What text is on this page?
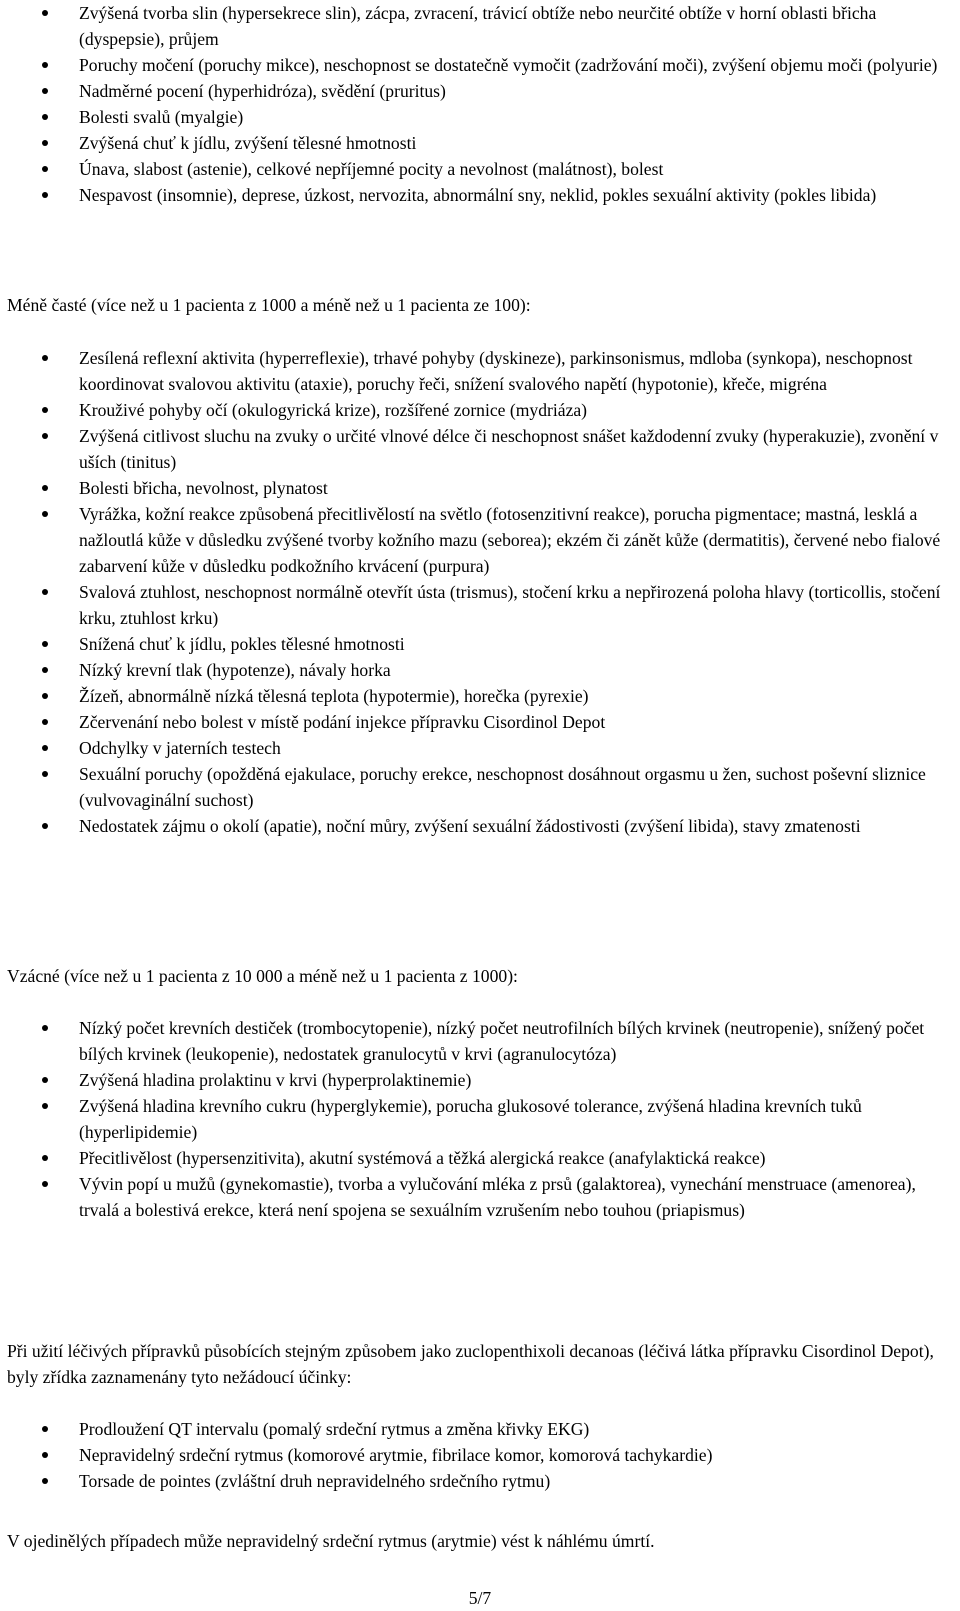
Zvýšená tvorba slin (hypersekrece slin), zácpa, zvracení, trávicí obtíže nebo neurčité obtíže v horní oblasti břicha (dyspepsie), průjem
Poruchy močení (poruchy mikce), neschopnost se dostatečně vymočit (zadržování moči), zvýšení objemu moči (polyurie)
Nadměrné pocení (hyperhidróza), svědění (pruritus)
Bolesti svalů (myalgie)
Zvýšená chuť k jídlu, zvýšení tělesné hmotnosti
Únava, slabost (astenie), celkové nepříjemné pocity a nevolnost (malátnost), bolest
Nespavost (insomnie), deprese, úzkost, nervozita, abnormální sny, neklid, pokles sexuální aktivity (pokles libida)

Méně časté (více než u 1 pacienta z 1000 a méně než u 1 pacienta ze 100):

Zesílená reflexní aktivita (hyperreflexie), trhavé pohyby (dyskineze), parkinsonismus, mdloba (synkopa), neschopnost koordinovat svalovou aktivitu (ataxie), poruchy řeči, snížení svalového napětí (hypotonie), křeče, migréna
Krouživé pohyby očí (okulogyrická krize), rozšířené zornice (mydriáza)
Zvýšená citlivost sluchu na zvuky o určité vlnové délce či neschopnost snášet každodenní zvuky (hyperakuzie), zvonění v uších (tinitus)
Bolesti břicha, nevolnost, plynatost
Vyrážka, kožní reakce způsobená přecitlivělostí na světlo (fotosenzitivní reakce), porucha pigmentace; mastná, lesklá a nažloutlá kůže v důsledku zvýšené tvorby kožního mazu (seborea); ekzém či zánět kůže (dermatitis), červené nebo fialové zabarvení kůže v důsledku podkožního krvácení (purpura)
Svalová ztuhlost, neschopnost normálně otevřít ústa (trismus), stočení krku a nepřirozená poloha hlavy (torticollis, stočení krku, ztuhlost krku)
Snížená chuť k jídlu, pokles tělesné hmotnosti
Nízký krevní tlak (hypotenze), návaly horka
Žízeň, abnormálně nízká tělesná teplota (hypotermie), horečka (pyrexie)
Zčervenání nebo bolest v místě podání injekce přípravku Cisordinol Depot
Odchylky v jaterních testech
Sexuální poruchy (opožděná ejakulace, poruchy erekce, neschopnost dosáhnout orgasmu u žen, suchost poševní sliznice (vulvovaginální suchost)
Nedostatek zájmu o okolí (apatie), noční můry, zvýšení sexuální žádostivosti (zvýšení libida), stavy zmatenosti

Vzácné (více než u 1 pacienta z 10 000 a méně než u 1 pacienta z 1000):

Nízký počet krevních destiček (trombocytopenie), nízký počet neutrofilních bílých krvinek (neutropenie), snížený počet bílých krvinek (leukopenie), nedostatek granulocytů v krvi (agranulocytóza)
Zvýšená hladina prolaktinu v krvi (hyperprolaktinemie)
Zvýšená hladina krevního cukru (hyperglykemie), porucha glukosové tolerance, zvýšená hladina krevních tuků (hyperlipidemie)
Přecitlivělost (hypersenzitivita), akutní systémová a těžká alergická reakce (anafylaktická reakce)
Vývin popí u mužů (gynekomastie), tvorba a vylučování mléka z prsů (galaktorea), vynechání menstruace (amenorea), trvalá a bolestivá erekce, která není spojena se sexuálním vzrušením nebo touhou (priapismus)

Při užití léčivých přípravků působících stejným způsobem jako zuclopenthixoli decanoas (léčivá látka přípravku Cisordinol Depot), byly zřídka zaznamenány tyto nežádoucí účinky:

Prodloužení QT intervalu (pomalý srdeční rytmus a změna křivky EKG)
Nepravidelný srdeční rytmus (komorové arytmie, fibrilace komor, komorová tachykardie)
Torsade de pointes (zvláštní druh nepravidelného srdečního rytmu)

V ojedinělých případech může nepravidelný srdeční rytmus (arytmie) vést k náhlému úmrtí.

5/7
